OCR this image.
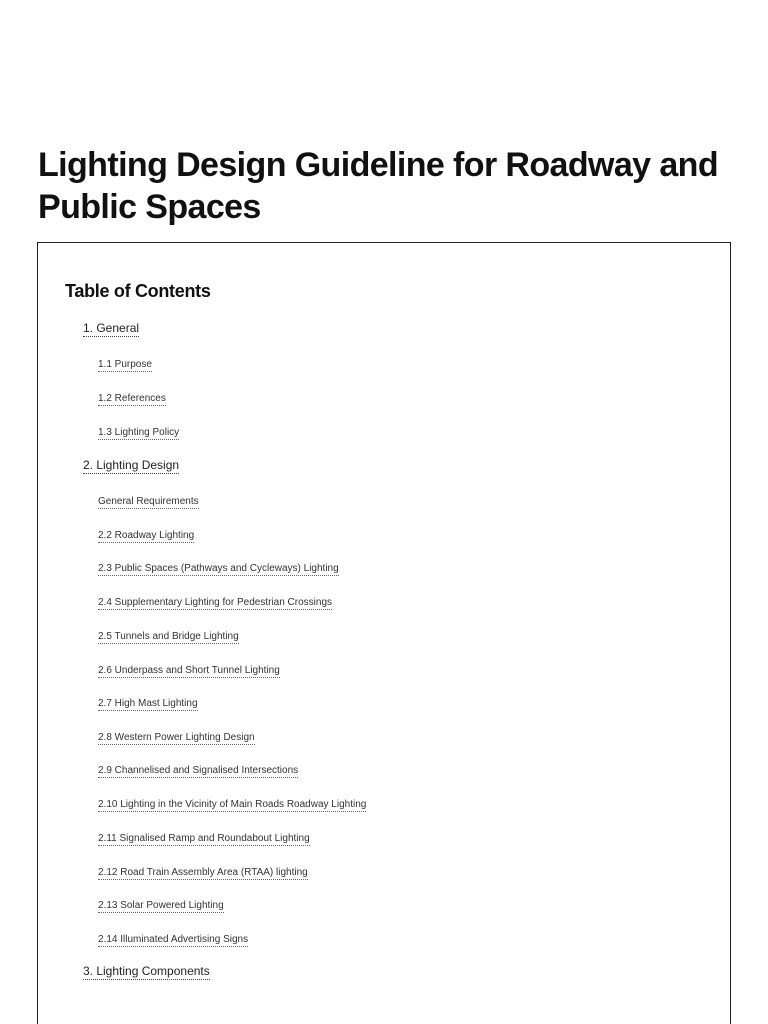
Lighting Design Guideline for Roadway and Public Spaces
Table of Contents
1. General
1.1 Purpose
1.2 References
1.3 Lighting Policy
2. Lighting Design
General Requirements
2.2 Roadway Lighting
2.3 Public Spaces (Pathways and Cycleways) Lighting
2.4 Supplementary Lighting for Pedestrian Crossings
2.5 Tunnels and Bridge Lighting
2.6 Underpass and Short Tunnel Lighting
2.7 High Mast Lighting
2.8 Western Power Lighting Design
2.9 Channelised and Signalised Intersections
2.10 Lighting in the Vicinity of Main Roads Roadway Lighting
2.11 Signalised Ramp and Roundabout Lighting
2.12 Road Train Assembly Area (RTAA) lighting
2.13 Solar Powered Lighting
2.14 Illuminated Advertising Signs
3. Lighting Components
